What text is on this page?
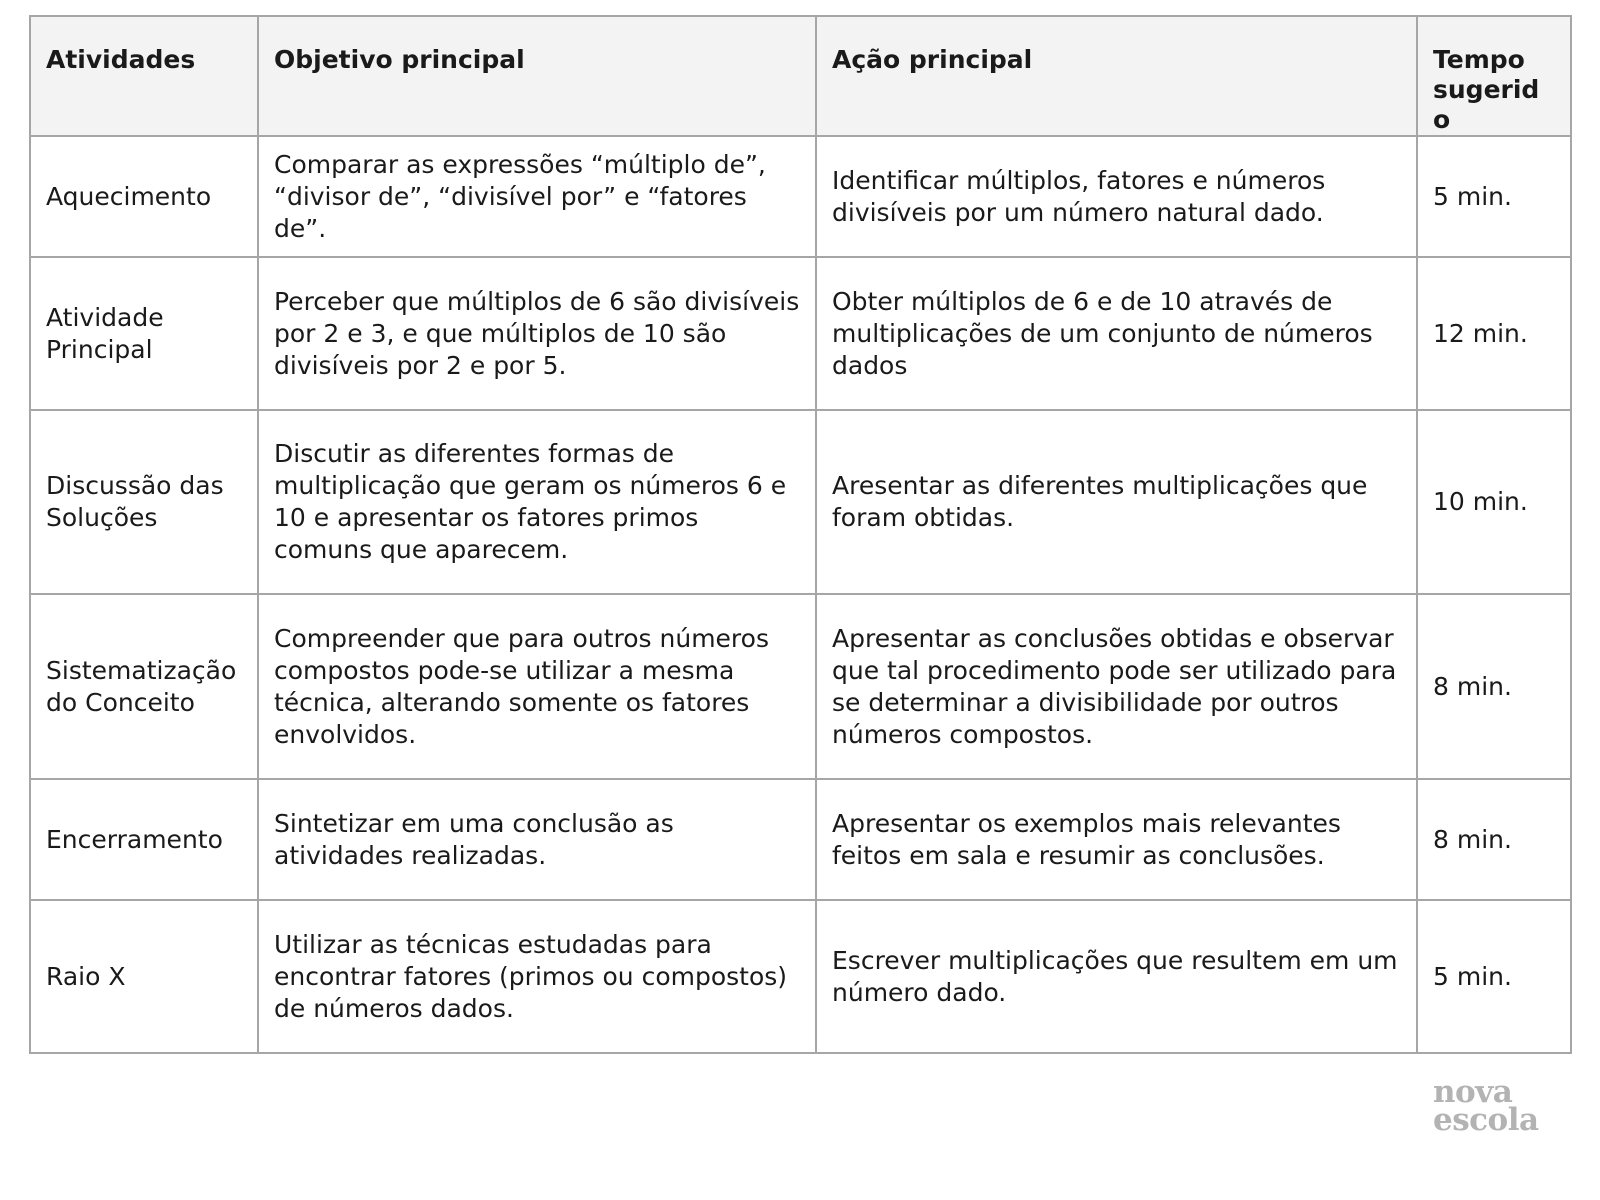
Atividades	Objetivo principal	Ação principal	Tempo sugerido
Aquecimento	Comparar as expressões “múltiplo de”, “divisor de”, “divisível por” e “fatores de”.	Identificar múltiplos, fatores e números divisíveis por um número natural dado.	5 min.
Atividade Principal	Perceber que múltiplos de 6 são divisíveis por 2 e 3, e que múltiplos de 10 são divisíveis por 2 e por 5.	Obter múltiplos de 6 e de 10 através de multiplicações de um conjunto de números dados	12 min.
Discussão das Soluções	Discutir as diferentes formas de multiplicação que geram os números 6 e 10 e apresentar os fatores primos comuns que aparecem.	Aresentar as diferentes multiplicações que foram obtidas.	10 min.
Sistematização do Conceito	Compreender que para outros números compostos pode-se utilizar a mesma técnica, alterando somente os fatores envolvidos.	Apresentar as conclusões obtidas e observar que tal procedimento pode ser utilizado para se determinar a divisibilidade por outros números compostos.	8 min.
Encerramento	Sintetizar em uma conclusão as atividades realizadas.	Apresentar os exemplos mais relevantes feitos em sala e resumir as conclusões.	8 min.
Raio X	Utilizar as técnicas estudadas para encontrar fatores (primos ou compostos) de números dados.	Escrever multiplicações que resultem em um número dado.	5 min.
nova
escola
